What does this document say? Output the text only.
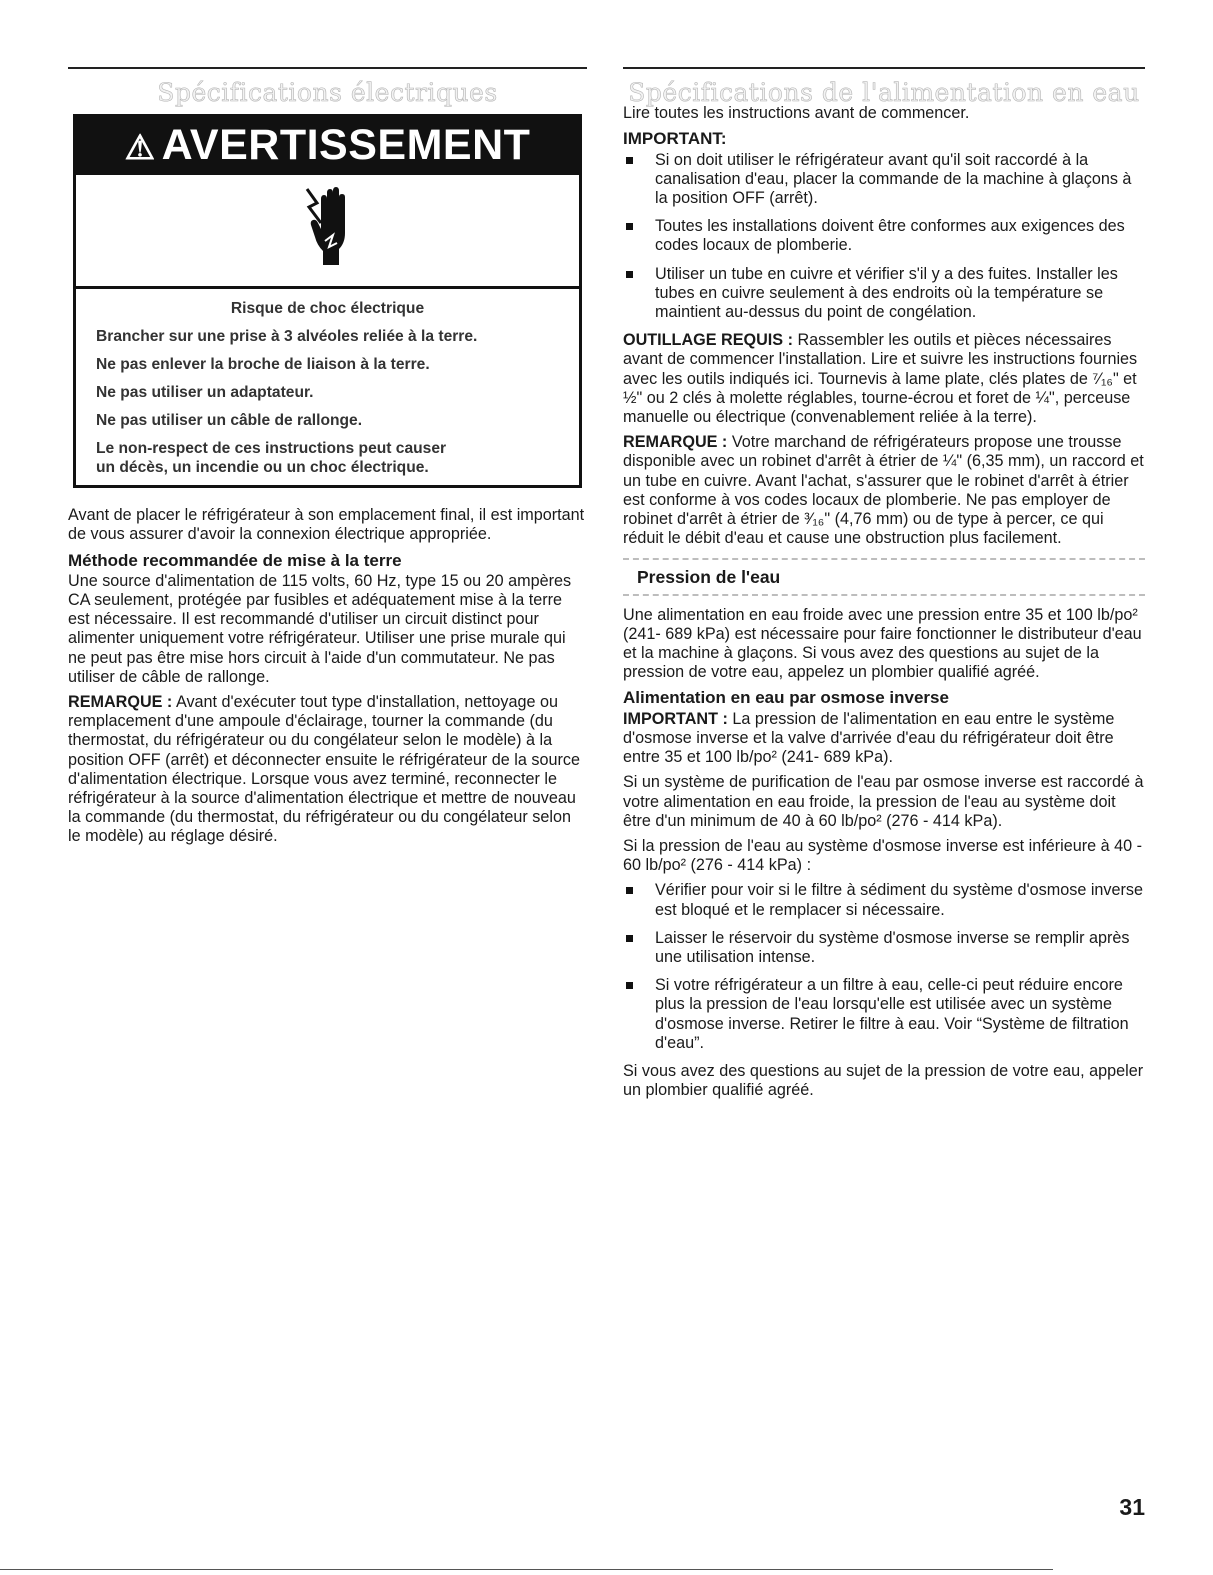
Spécifications électriques
⚠ AVERTISSEMENT
Risque de choc électrique
Brancher sur une prise à 3 alvéoles reliée à la terre.
Ne pas enlever la broche de liaison à la terre.
Ne pas utiliser un adaptateur.
Ne pas utiliser un câble de rallonge.
Le non-respect de ces instructions peut causer
un décès, un incendie ou un choc électrique.

Avant de placer le réfrigérateur à son emplacement final, il est important de vous assurer d'avoir la connexion électrique appropriée.

Méthode recommandée de mise à la terre

Une source d'alimentation de 115 volts, 60 Hz, type 15 ou 20 ampères CA seulement, protégée par fusibles et adéquatement mise à la terre est nécessaire. Il est recommandé d'utiliser un circuit distinct pour alimenter uniquement votre réfrigérateur. Utiliser une prise murale qui ne peut pas être mise hors circuit à l'aide d'un commutateur. Ne pas utiliser de câble de rallonge.

REMARQUE : Avant d'exécuter tout type d'installation, nettoyage ou remplacement d'une ampoule d'éclairage, tourner la commande (du thermostat, du réfrigérateur ou du congélateur selon le modèle) à la position OFF (arrêt) et déconnecter ensuite le réfrigérateur de la source d'alimentation électrique. Lorsque vous avez terminé, reconnecter le réfrigérateur à la source d'alimentation électrique et mettre de nouveau la commande (du thermostat, du réfrigérateur ou du congélateur selon le modèle) au réglage désiré.

Spécifications de l'alimentation en eau

Lire toutes les instructions avant de commencer.

IMPORTANT:
Si on doit utiliser le réfrigérateur avant qu'il soit raccordé à la canalisation d'eau, placer la commande de la machine à glaçons à la position OFF (arrêt).
Toutes les installations doivent être conformes aux exigences des codes locaux de plomberie.
Utiliser un tube en cuivre et vérifier s'il y a des fuites. Installer les tubes en cuivre seulement à des endroits où la température se maintient au-dessus du point de congélation.

OUTILLAGE REQUIS : Rassembler les outils et pièces nécessaires avant de commencer l'installation. Lire et suivre les instructions fournies avec les outils indiqués ici. Tournevis à lame plate, clés plates de ⁷⁄₁₆" et ½" ou 2 clés à molette réglables, tourne-écrou et foret de ¼", perceuse manuelle ou électrique (convenablement reliée à la terre).

REMARQUE : Votre marchand de réfrigérateurs propose une trousse disponible avec un robinet d'arrêt à étrier de ¼" (6,35 mm), un raccord et un tube en cuivre. Avant l'achat, s'assurer que le robinet d'arrêt à étrier est conforme à vos codes locaux de plomberie. Ne pas employer de robinet d'arrêt à étrier de ³⁄₁₆" (4,76 mm) ou de type à percer, ce qui réduit le débit d'eau et cause une obstruction plus facilement.

Pression de l'eau

Une alimentation en eau froide avec une pression entre 35 et 100 lb/po² (241- 689 kPa) est nécessaire pour faire fonctionner le distributeur d'eau et la machine à glaçons. Si vous avez des questions au sujet de la pression de votre eau, appelez un plombier qualifié agréé.

Alimentation en eau par osmose inverse

IMPORTANT : La pression de l'alimentation en eau entre le système d'osmose inverse et la valve d'arrivée d'eau du réfrigérateur doit être entre 35 et 100 lb/po² (241- 689 kPa).

Si un système de purification de l'eau par osmose inverse est raccordé à votre alimentation en eau froide, la pression de l'eau au système doit être d'un minimum de 40 à 60 lb/po² (276 - 414 kPa).

Si la pression de l'eau au système d'osmose inverse est inférieure à 40 - 60 lb/po² (276 - 414 kPa) :

Vérifier pour voir si le filtre à sédiment du système d'osmose inverse est bloqué et le remplacer si nécessaire.
Laisser le réservoir du système d'osmose inverse se remplir après une utilisation intense.
Si votre réfrigérateur a un filtre à eau, celle-ci peut réduire encore plus la pression de l'eau lorsqu'elle est utilisée avec un système d'osmose inverse. Retirer le filtre à eau. Voir “Système de filtration d'eau”.

Si vous avez des questions au sujet de la pression de votre eau, appeler un plombier qualifié agréé.

31
